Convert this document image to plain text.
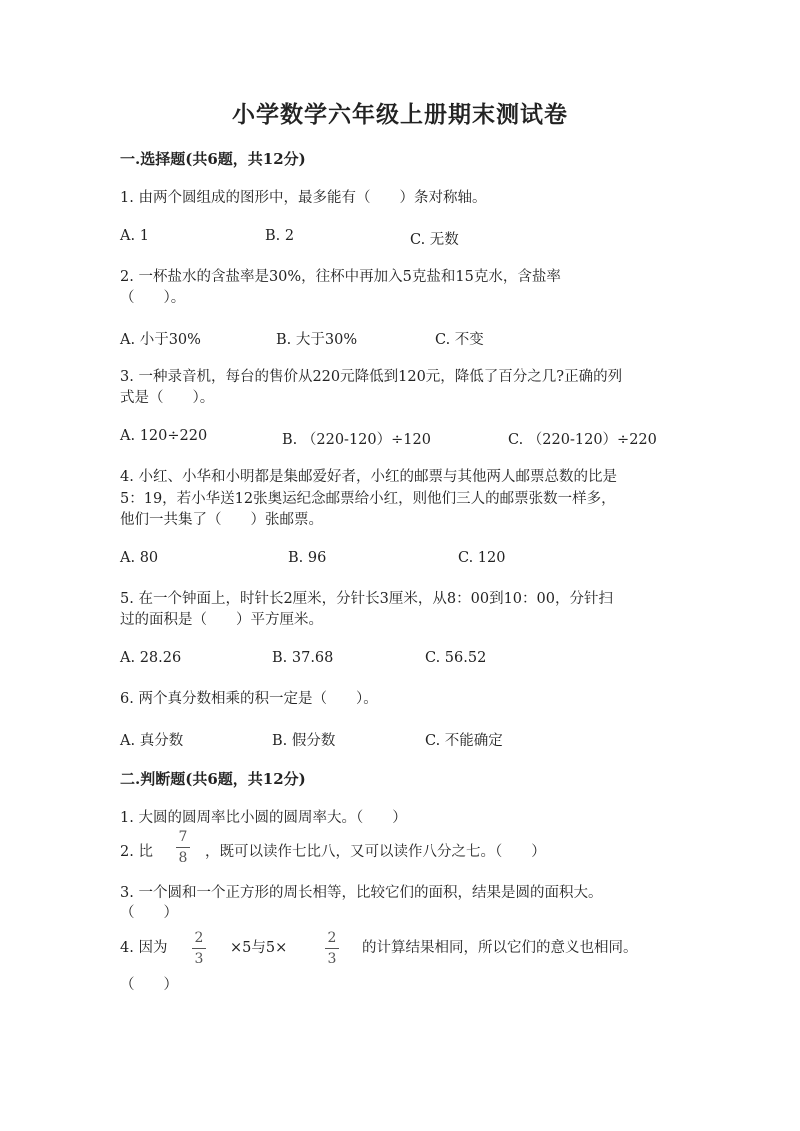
小学数学六年级上册期末测试卷
一.选择题(共6题，共12分)
1. 由两个圆组成的图形中，最多能有（　　）条对称轴。
A. 1	B. 2	C. 无数
2. 一杯盐水的含盐率是30%，往杯中再加入5克盐和15克水，含盐率
（　　）。
A. 小于30%	B. 大于30%	C. 不变
3. 一种录音机，每台的售价从220元降低到120元，降低了百分之几?正确的列
式是（　　）。
A. 120÷220	B. （220-120）÷120	C. （220-120）÷220
4. 小红、小华和小明都是集邮爱好者，小红的邮票与其他两人邮票总数的比是
5：19，若小华送12张奥运纪念邮票给小红，则他们三人的邮票张数一样多，
他们一共集了（　　）张邮票。
A. 80	B. 96	C. 120
5. 在一个钟面上，时针长2厘米，分针长3厘米，从8：00到10：00，分针扫
过的面积是（　　）平方厘米。
A. 28.26	B. 37.68	C. 56.52
6. 两个真分数相乘的积一定是（　　）。
A. 真分数	B. 假分数	C. 不能确定
二.判断题(共6题，共12分)
1. 大圆的圆周率比小圆的圆周率大。（　　）
2. 比
7
8 ，既可以读作七比八，又可以读作八分之七。（　　）
3. 一个圆和一个正方形的周长相等，比较它们的面积，结果是圆的面积大。
（　　）
4. 因为
2
3
×5与5×
2
3
的计算结果相同，所以它们的意义也相同。
（　　）
